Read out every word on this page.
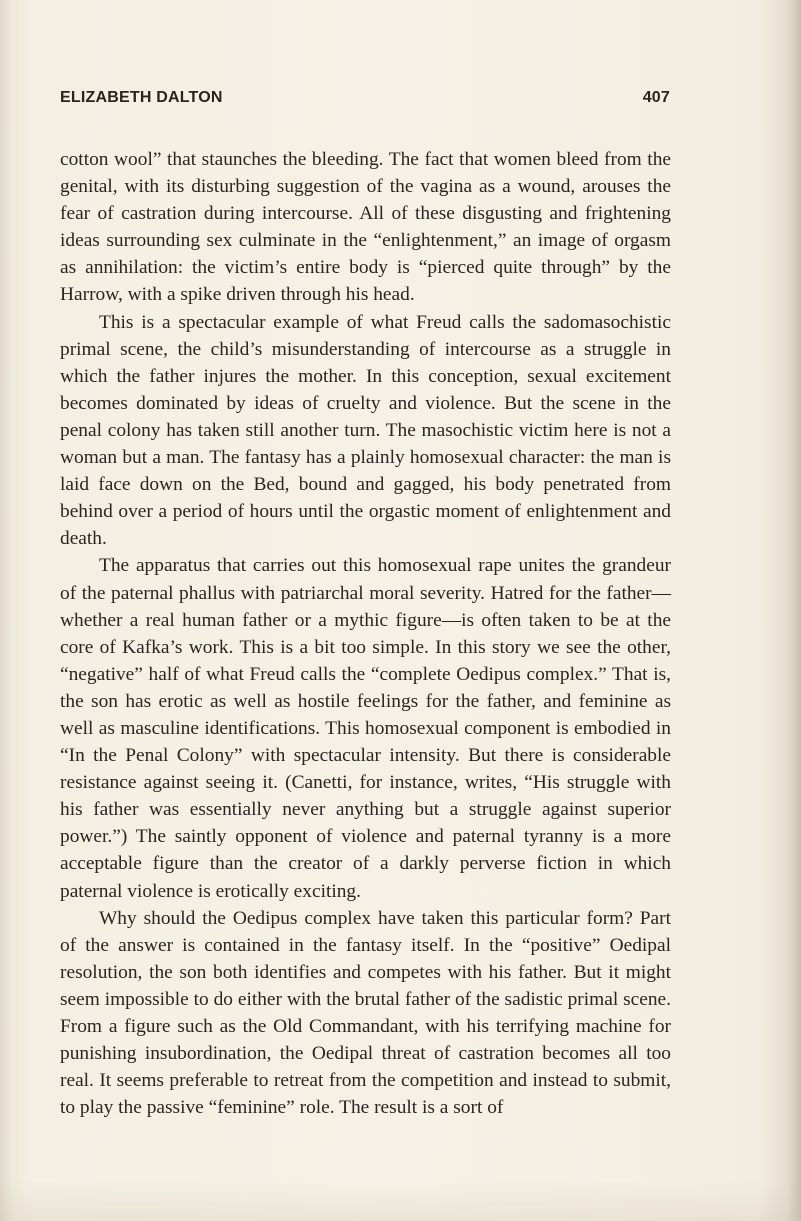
ELIZABETH DALTON	407

cotton wool” that staunches the bleeding. The fact that women bleed from the genital, with its disturbing suggestion of the vagina as a wound, arouses the fear of castration during intercourse. All of these disgusting and frightening ideas surrounding sex culminate in the “enlightenment,” an image of orgasm as annihilation: the victim’s entire body is “pierced quite through” by the Harrow, with a spike driven through his head.

This is a spectacular example of what Freud calls the sadomasochistic primal scene, the child’s misunderstanding of intercourse as a struggle in which the father injures the mother. In this conception, sexual excitement becomes dominated by ideas of cruelty and violence. But the scene in the penal colony has taken still another turn. The masochistic victim here is not a woman but a man. The fantasy has a plainly homosexual character: the man is laid face down on the Bed, bound and gagged, his body penetrated from behind over a period of hours until the orgastic moment of enlightenment and death.

The apparatus that carries out this homosexual rape unites the grandeur of the paternal phallus with patriarchal moral severity. Hatred for the father—whether a real human father or a mythic figure—is often taken to be at the core of Kafka’s work. This is a bit too simple. In this story we see the other, “negative” half of what Freud calls the “complete Oedipus complex.” That is, the son has erotic as well as hostile feelings for the father, and feminine as well as masculine identifications. This homosexual component is embodied in “In the Penal Colony” with spectacular intensity. But there is considerable resistance against seeing it. (Canetti, for instance, writes, “His struggle with his father was essentially never anything but a struggle against superior power.”) The saintly opponent of violence and paternal tyranny is a more acceptable figure than the creator of a darkly perverse fiction in which paternal violence is erotically exciting.

Why should the Oedipus complex have taken this particular form? Part of the answer is contained in the fantasy itself. In the “positive” Oedipal resolution, the son both identifies and competes with his father. But it might seem impossible to do either with the brutal father of the sadistic primal scene. From a figure such as the Old Commandant, with his terrifying machine for punishing insubordination, the Oedipal threat of castration becomes all too real. It seems preferable to retreat from the competition and instead to submit, to play the passive “feminine” role. The result is a sort of
